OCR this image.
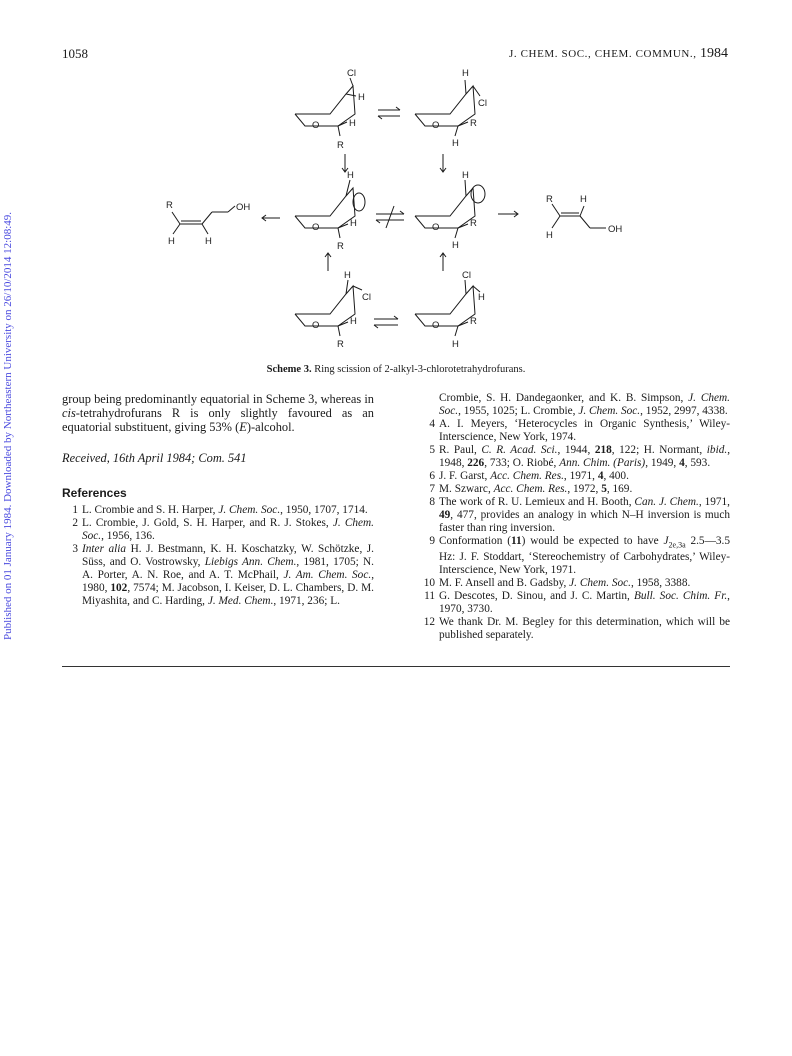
Published on 01 January 1984. Downloaded by Northeastern University on 26/10/2014 12:08:49.
1058	J. CHEM. SOC., CHEM. COMMUN., 1984
Cl
H
O	H
R
H
Cl
O	R
H
H
H
O
R
H
R
O
H
R	OH
H	H
R	H
H
OH
H
Cl
O	H
R
Cl
H
O	R
H
Scheme 3. Ring scission of 2-alkyl-3-chlorotetrahydrofurans.

group being predominantly equatorial in Scheme 3, whereas in cis-tetrahydrofurans R is only slightly favoured as an equatorial substituent, giving 53% (E)-alcohol.

Received, 16th April 1984; Com. 541

References
1 L. Crombie and S. H. Harper, J. Chem. Soc., 1950, 1707, 1714.
2 L. Crombie, J. Gold, S. H. Harper, and R. J. Stokes, J. Chem. Soc., 1956, 136.
3 Inter alia H. J. Bestmann, K. H. Koschatzky, W. Schötzke, J. Süss, and O. Vostrowsky, Liebigs Ann. Chem., 1981, 1705; N. A. Porter, A. N. Roe, and A. T. McPhail, J. Am. Chem. Soc., 1980, 102, 7574; M. Jacobson, I. Keiser, D. L. Chambers, D. M. Miyashita, and C. Harding, J. Med. Chem., 1971, 236; L.
Crombie, S. H. Dandegaonker, and K. B. Simpson, J. Chem. Soc., 1955, 1025; L. Crombie, J. Chem. Soc., 1952, 2997, 4338.
4 A. I. Meyers, ‘Heterocycles in Organic Synthesis,’ Wiley-Interscience, New York, 1974.
5 R. Paul, C. R. Acad. Sci., 1944, 218, 122; H. Normant, ibid., 1948, 226, 733; O. Riobé, Ann. Chim. (Paris), 1949, 4, 593.
6 J. F. Garst, Acc. Chem. Res., 1971, 4, 400.
7 M. Szwarc, Acc. Chem. Res., 1972, 5, 169.
8 The work of R. U. Lemieux and H. Booth, Can. J. Chem., 1971, 49, 477, provides an analogy in which N–H inversion is much faster than ring inversion.
9 Conformation (11) would be expected to have $J_{2e,3a}$ 2.5—3.5 Hz: J. F. Stoddart, ‘Stereochemistry of Carbohydrates,’ Wiley-Interscience, New York, 1971.
10 M. F. Ansell and B. Gadsby, J. Chem. Soc., 1958, 3388.
11 G. Descotes, D. Sinou, and J. C. Martin, Bull. Soc. Chim. Fr., 1970, 3730.
12 We thank Dr. M. Begley for this determination, which will be published separately.
